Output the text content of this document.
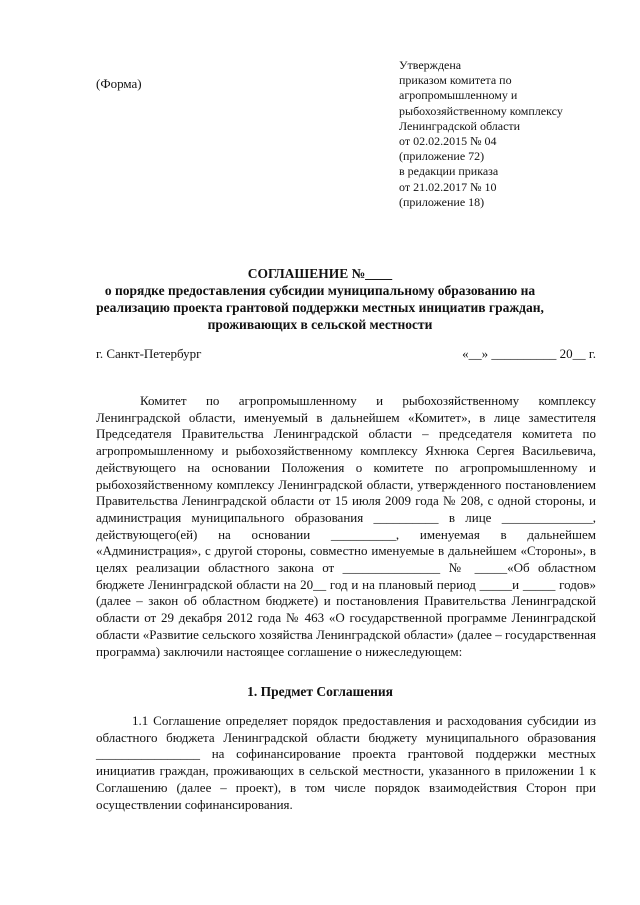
(Форма)
Утверждена
приказом комитета по
агропромышленному и
рыбохозяйственному комплексу
Ленинградской области
от 02.02.2015 № 04
(приложение 72)
в редакции приказа
от 21.02.2017 № 10
(приложение 18)
СОГЛАШЕНИЕ №____
о порядке предоставления субсидии муниципальному образованию на
реализацию проекта грантовой поддержки местных инициатив граждан,
проживающих в сельской местности
г. Санкт-Петербург	«__» __________ 20__ г.
Комитет по агропромышленному и рыбохозяйственному комплексу Ленинградской области, именуемый в дальнейшем «Комитет», в лице заместителя Председателя Правительства Ленинградской области – председателя комитета по агропромышленному и рыбохозяйственному комплексу Яхнюка Сергея Васильевича, действующего на основании Положения о комитете по агропромышленному и рыбохозяйственному комплексу Ленинградской области, утвержденного постановлением Правительства Ленинградской области от 15 июля 2009 года № 208, с одной стороны, и администрация муниципального образования __________ в лице ______________, действующего(ей) на основании __________, именуемая в дальнейшем «Администрация», с другой стороны, совместно именуемые в дальнейшем «Стороны», в целях реализации областного закона от _______________ № _____«Об областном бюджете Ленинградской области на 20__ год и на плановый период _____и _____ годов» (далее – закон об областном бюджете) и постановления Правительства Ленинградской области от 29 декабря 2012 года № 463 «О государственной программе Ленинградской области «Развитие сельского хозяйства Ленинградской области» (далее – государственная программа) заключили настоящее соглашение о нижеследующем:
1. Предмет Соглашения
1.1 Соглашение определяет порядок предоставления и расходования субсидии из областного бюджета Ленинградской области бюджету муниципального образования ________________ на софинансирование проекта грантовой поддержки местных инициатив граждан, проживающих в сельской местности, указанного в приложении 1 к Соглашению (далее – проект), в том числе порядок взаимодействия Сторон при осуществлении софинансирования.
